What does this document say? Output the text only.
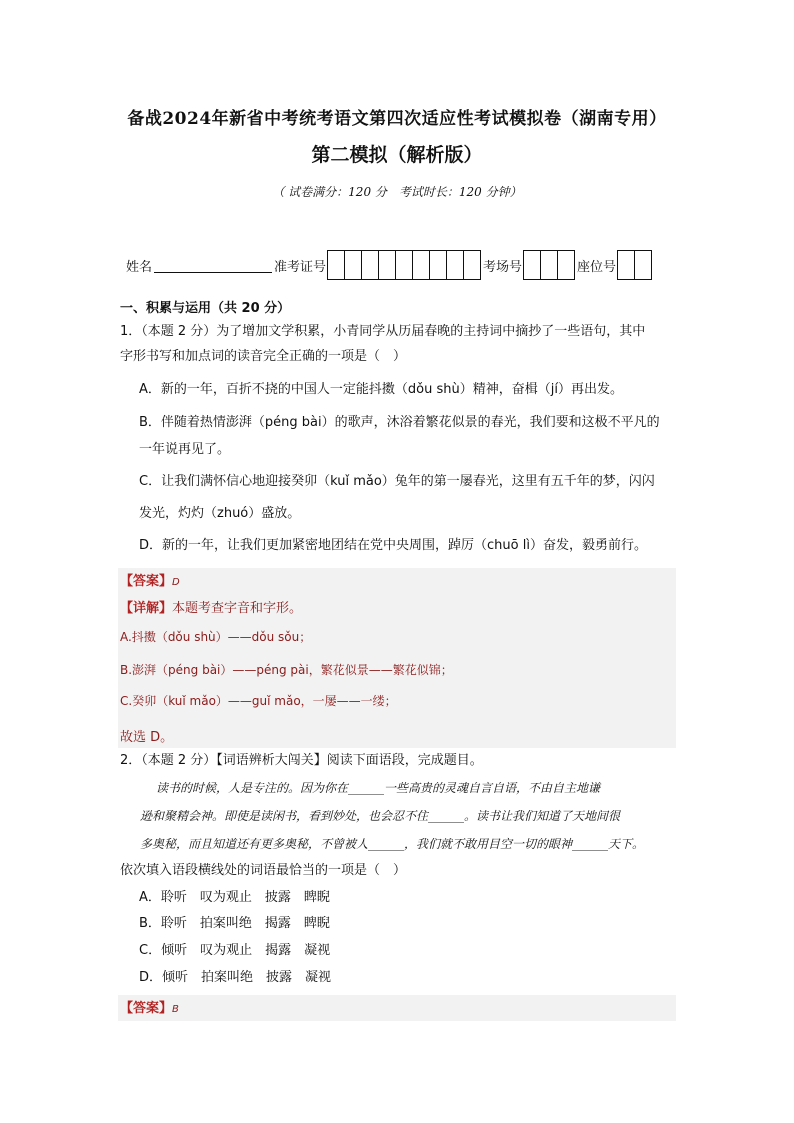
备战2024年新省中考统考语文第四次适应性考试模拟卷（湖南专用）
第二模拟（解析版）
（ 试卷满分：120 分　考试时长：120 分钟）
姓名	准考证号	考场号	座位号
一、积累与运用（共 20 分）
1．（本题 2 分）为了增加文学积累，小青同学从历届春晚的主持词中摘抄了一些语句，其中
字形书写和加点词的读音完全正确的一项是（　）
A．新的一年，百折不挠的中国人一定能抖擞（dǒu shù）精神，奋楫（jí）再出发。
B．伴随着热情澎湃（péng bài）的歌声，沐浴着繁花似景的春光，我们要和这极不平凡的
一年说再见了。
C．让我们满怀信心地迎接癸卯（kuǐ mǎo）兔年的第一屡春光，这里有五千年的梦，闪闪
发光，灼灼（zhuó）盛放。
D．新的一年，让我们更加紧密地团结在党中央周围，踔厉（chuō lì）奋发，毅勇前行。
【答案】D
【详解】本题考查字音和字形。
A.抖擞（dǒu shù）——dǒu sǒu；
B.澎湃（péng bài）——péng pài，繁花似景——繁花似锦；
C.癸卯（kuǐ mǎo）——guǐ mǎo，一屡——一缕；
故选 D。
2．（本题 2 分）【词语辨析大闯关】阅读下面语段，完成题目。
读书的时候，人是专注的。因为你在______一些高贵的灵魂自言自语，不由自主地谦
逊和聚精会神。即使是读闲书，看到妙处，也会忍不住______。读书让我们知道了天地间很
多奥秘，而且知道还有更多奥秘，不曾被人______，我们就不敢用目空一切的眼神______天下。
依次填入语段横线处的词语最恰当的一项是（　）
A．聆听　叹为观止　披露　睥睨
B．聆听　拍案叫绝　揭露　睥睨
C．倾听　叹为观止　揭露　凝视
D．倾听　拍案叫绝　披露　凝视
【答案】B
